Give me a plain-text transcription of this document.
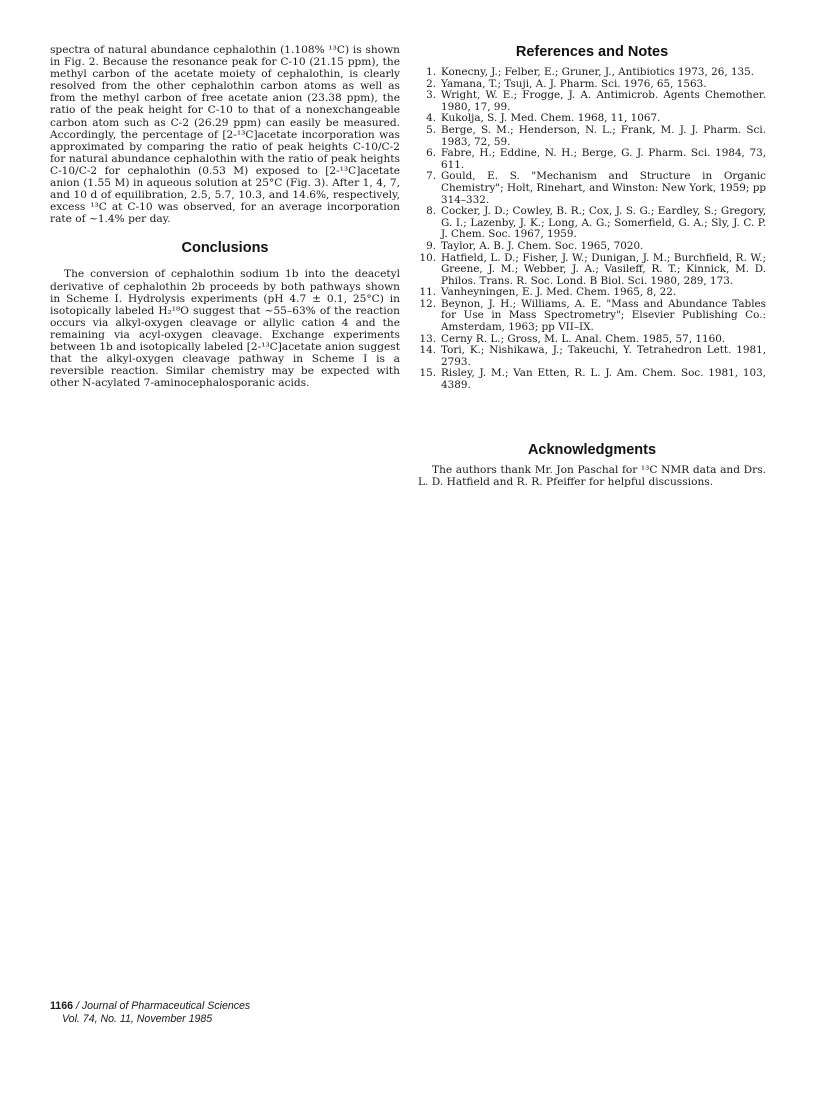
spectra of natural abundance cephalothin (1.108% ¹³C) is shown in Fig. 2. Because the resonance peak for C-10 (21.15 ppm), the methyl carbon of the acetate moiety of cephalothin, is clearly resolved from the other cephalothin carbon atoms as well as from the methyl carbon of free acetate anion (23.38 ppm), the ratio of the peak height for C-10 to that of a nonexchangeable carbon atom such as C-2 (26.29 ppm) can easily be measured. Accordingly, the percentage of [2-¹³C]acetate incorporation was approximated by comparing the ratio of peak heights C-10/C-2 for natural abundance cephalothin with the ratio of peak heights C-10/C-2 for cephalothin (0.53 M) exposed to [2-¹³C]acetate anion (1.55 M) in aqueous solution at 25°C (Fig. 3). After 1, 4, 7, and 10 d of equilibration, 2.5, 5.7, 10.3, and 14.6%, respectively, excess ¹³C at C-10 was observed, for an average incorporation rate of ~1.4% per day.

Conclusions

The conversion of cephalothin sodium 1b into the deacetyl derivative of cephalothin 2b proceeds by both pathways shown in Scheme I. Hydrolysis experiments (pH 4.7 ± 0.1, 25°C) in isotopically labeled H₂¹⁸O suggest that ~55–63% of the reaction occurs via alkyl-oxygen cleavage or allylic cation 4 and the remaining via acyl-oxygen cleavage. Exchange experiments between 1b and isotopically labeled [2-¹³C]acetate anion suggest that the alkyl-oxygen cleavage pathway in Scheme I is a reversible reaction. Similar chemistry may be expected with other N-acylated 7-aminocephalosporanic acids.

References and Notes
1 . Konecny, J.; Felber, E.; Gruner, J., Antibiotics 1973, 26, 135.
2 . Yamana, T.; Tsuji, A. J. Pharm. Sci. 1976, 65, 1563.
3 . Wright, W. E.; Frogge, J. A. Antimicrob. Agents Chemother. 1980, 17, 99.
4 . Kukolja, S. J. Med. Chem. 1968, 11, 1067.
5 . Berge, S. M.; Henderson, N. L.; Frank, M. J. J. Pharm. Sci. 1983, 72, 59.
6 . Fabre, H.; Eddine, N. H.; Berge, G. J. Pharm. Sci. 1984, 73, 611.
7 . Gould, E. S. "Mechanism and Structure in Organic Chemistry"; Holt, Rinehart, and Winston: New York, 1959; pp 314–332.
8 . Cocker, J. D.; Cowley, B. R.; Cox, J. S. G.; Eardley, S.; Gregory, G. I.; Lazenby, J. K.; Long, A. G.; Somerfield, G. A.; Sly, J. C. P. J. Chem. Soc. 1967, 1959.
9 . Taylor, A. B. J. Chem. Soc. 1965, 7020.
10 . Hatfield, L. D.; Fisher, J. W.; Dunigan, J. M.; Burchfield, R. W.; Greene, J. M.; Webber, J. A.; Vasileff, R. T.; Kinnick, M. D. Philos. Trans. R. Soc. Lond. B Biol. Sci. 1980, 289, 173.
11 . Vanheyningen, E. J. Med. Chem. 1965, 8, 22.
12 . Beynon, J. H.; Williams, A. E. "Mass and Abundance Tables for Use in Mass Spectrometry"; Elsevier Publishing Co.: Amsterdam, 1963; pp VII–IX.
13 . Cerny R. L.; Gross, M. L. Anal. Chem. 1985, 57, 1160.
14 . Tori, K.; Nishikawa, J.; Takeuchi, Y. Tetrahedron Lett. 1981, 2793.
15 . Risley, J. M.; Van Etten, R. L. J. Am. Chem. Soc. 1981, 103, 4389.
Acknowledgments

The authors thank Mr. Jon Paschal for ¹³C NMR data and Drs. L. D. Hatfield and R. R. Pfeiffer for helpful discussions.

1166 / Journal of Pharmaceutical Sciences
Vol. 74, No. 11, November 1985
